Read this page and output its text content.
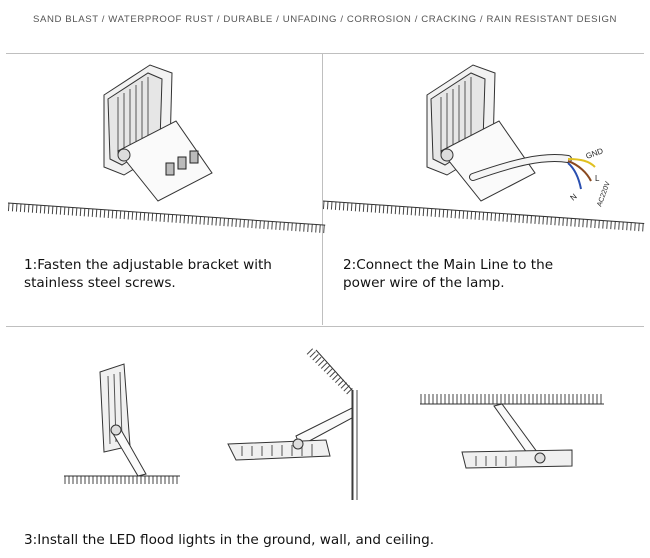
SAND BLAST / WATERPROOF RUST / DURABLE / UNFADING / CORROSION / CRACKING / RAIN RESISTANT DESIGN
GND
L
N	AC220V
1:Fasten the adjustable bracket with
stainless steel screws.
2:Connect the Main Line to the
power wire of the lamp.
3:Install the LED flood lights in the ground, wall, and ceiling.
